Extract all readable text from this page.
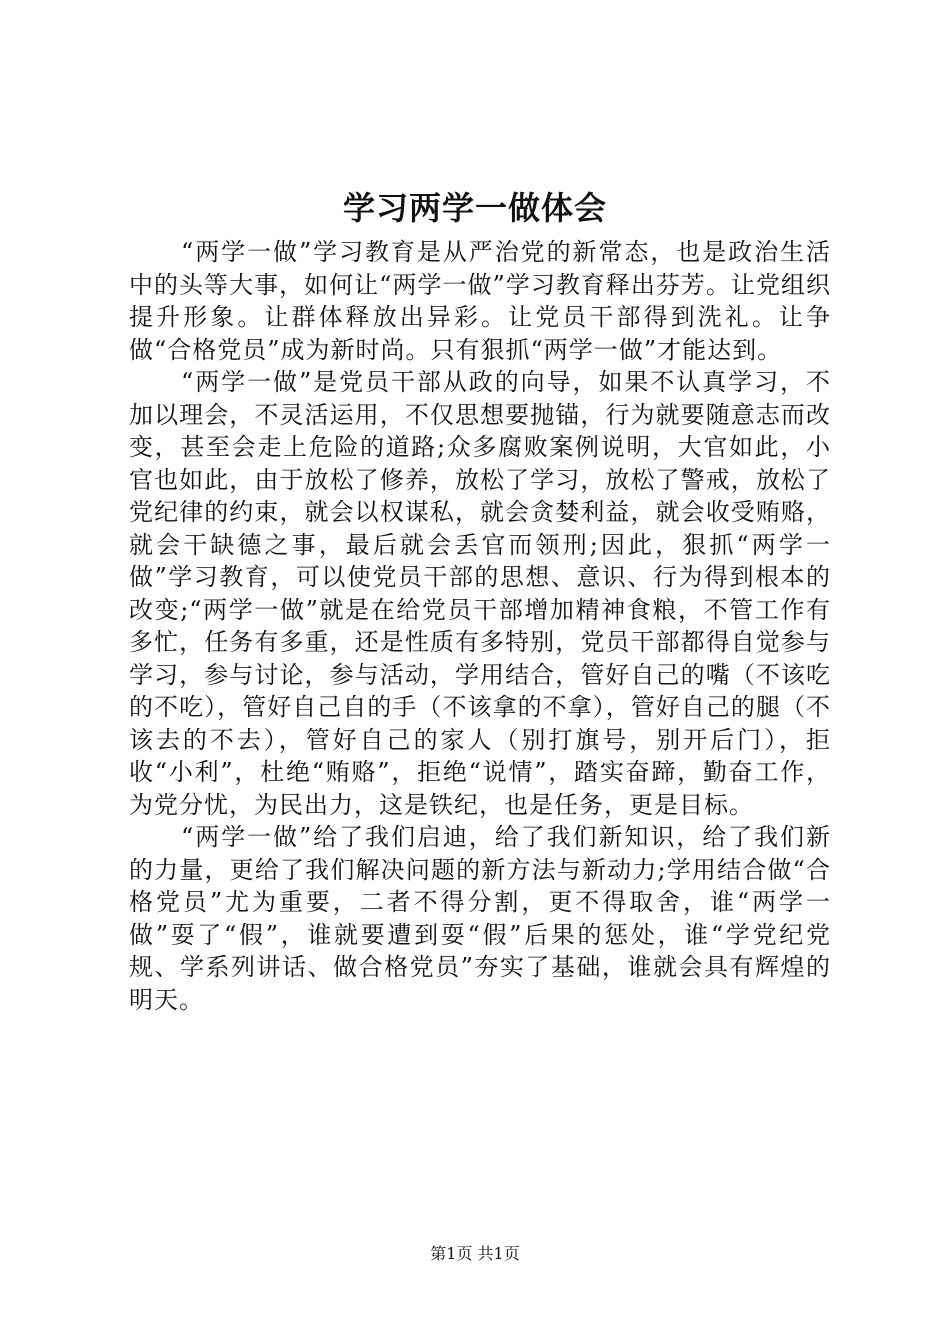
学习两学一做体会

“两学一做”学习教育是从严治党的新常态，也是政治生活中的头等大事，如何让“两学一做”学习教育释出芬芳。让党组织提升形象。让群体释放出异彩。让党员干部得到洗礼。让争做“合格党员”成为新时尚。只有狠抓“两学一做”才能达到。

“两学一做”是党员干部从政的向导，如果不认真学习，不加以理会，不灵活运用，不仅思想要抛锚，行为就要随意志而改变，甚至会走上危险的道路;众多腐败案例说明，大官如此，小官也如此，由于放松了修养，放松了学习，放松了警戒，放松了党纪律的约束，就会以权谋私，就会贪婪利益，就会收受贿赂，就会干缺德之事，最后就会丢官而领刑;因此，狠抓“两学一做”学习教育，可以使党员干部的思想、意识、行为得到根本的改变;“两学一做”就是在给党员干部增加精神食粮，不管工作有多忙，任务有多重，还是性质有多特别，党员干部都得自觉参与学习，参与讨论，参与活动，学用结合，管好自己的嘴（不该吃的不吃），管好自己自的手（不该拿的不拿），管好自己的腿（不该去的不去），管好自己的家人（别打旗号，别开后门），拒收“小利”，杜绝“贿赂”，拒绝“说情”，踏实奋蹄，勤奋工作，为党分忧，为民出力，这是铁纪，也是任务，更是目标。

“两学一做”给了我们启迪，给了我们新知识，给了我们新的力量，更给了我们解决问题的新方法与新动力;学用结合做“合格党员”尤为重要，二者不得分割，更不得取舍，谁“两学一做”耍了“假”，谁就要遭到耍“假”后果的惩处，谁“学党纪党规、学系列讲话、做合格党员”夯实了基础，谁就会具有辉煌的明天。

第1页 共1页
